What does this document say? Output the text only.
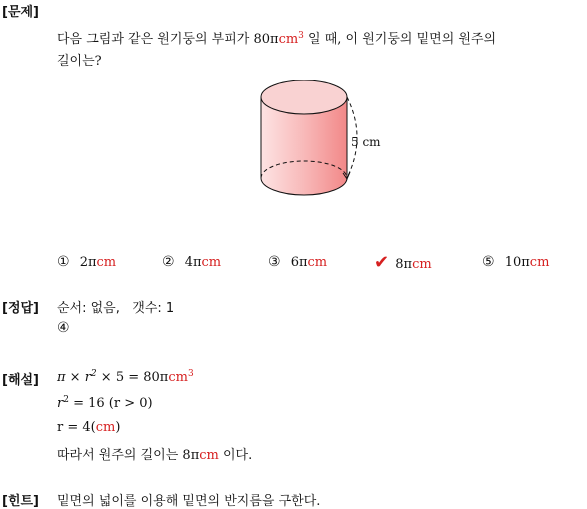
[문제]
다음 그림과 같은 원기둥의 부피가 80πcm$^3$ 일 때, 이 원기둥의 밑면의 원주의
길이는?
5 cm
① 2πcm	② 4πcm	③ 6πcm	✔ 8πcm	⑤ 10πcm
[정답] 순서: 없음,   갯수: 1
④
[해설] $\pi \times r^2 \times 5 = 80\pi cm^3$
$r^2 = 16$ (r > 0)
r = 4(cm)
따라서 원주의 길이는 8πcm 이다.
[힌트] 밑면의 넓이를 이용해 밑면의 반지름을 구한다.
